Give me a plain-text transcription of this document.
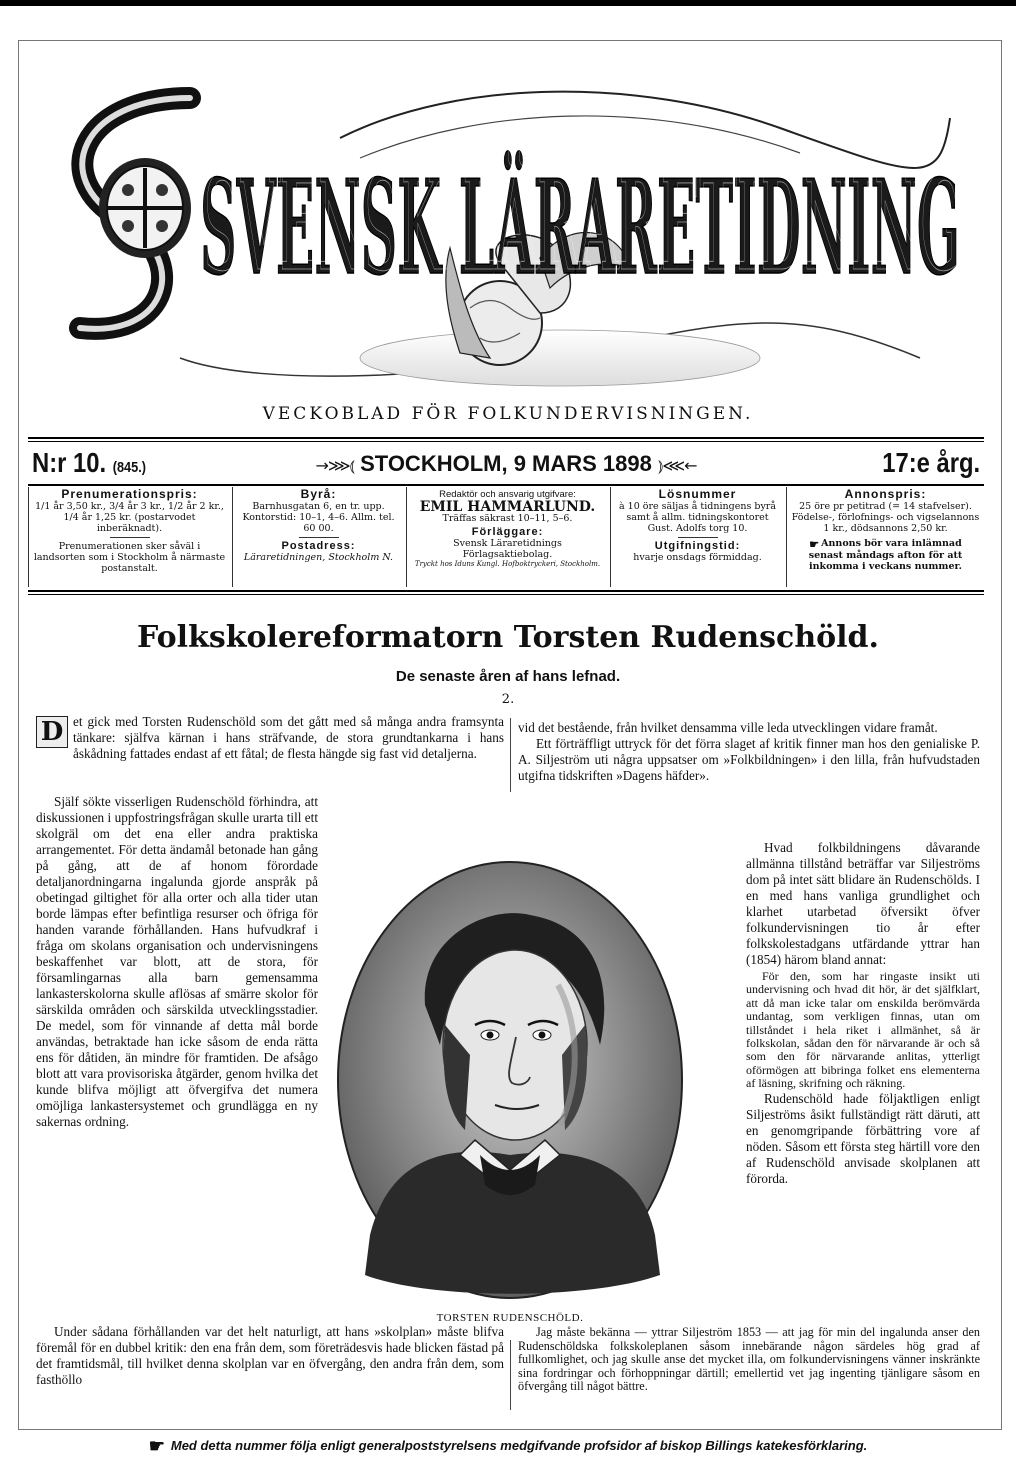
SVENSK LÄRARETIDNING
SVENSK LÄRARETIDNING
VECKOBLAD FÖR FOLKUNDERVISNINGEN.
N:r 10. (845.)	→⋙⦅ STOCKHOLM, 9 MARS 1898 ⦆⋘←	17:e årg.
Prenumerationspris:
1/1 år 3,50 kr., 3/4 år 3 kr., 1/2 år 2 kr., 1/4 år 1,25 kr. (postarvodet inberäknadt).
Prenumerationen sker såväl i landsorten som i Stockholm å närmaste postanstalt.
Byrå:
Barnhusgatan 6, en tr. upp. Kontorstid: 10–1, 4–6. Allm. tel. 60 00.
Postadress:
Läraretidningen, Stockholm N.
Redaktör och ansvarig utgifvare:
EMIL HAMMARLUND.
Träffas säkrast 10–11, 5–6.
Förläggare:
Svensk Läraretidnings Förlagsaktiebolag.
Tryckt hos Iduns Kungl. Hofboktryckeri, Stockholm.
Lösnummer
à 10 öre säljas å tidningens byrå samt å allm. tidningskontoret Gust. Adolfs torg 10.
Utgifningstid:
hvarje onsdags förmiddag.
Annonspris:
25 öre pr petitrad (= 14 stafvelser). Födelse-, förlofnings- och vigselannons 1 kr., dödsannons 2,50 kr.
☛ Annons bör vara inlämnad senast måndags afton för att inkomma i veckans nummer.
Folkskolereformatorn Torsten Rudenschöld.
De senaste åren af hans lefnad.
2.

D et gick med Torsten Rudenschöld som det gått med så många andra framsynta tänkare: själfva kärnan i hans sträfvande, de stora grundtankarna i hans åskådning fattades endast af ett fåtal; de flesta hängde sig fast vid detaljerna.

Själf sökte visserligen Rudenschöld förhindra, att diskussionen i uppfostringsfrågan skulle urarta till ett skolgräl om det ena eller andra praktiska arrangementet. För detta ändamål betonade han gång på gång, att de af honom förordade detaljanordningarna ingalunda gjorde anspråk på obetingad giltighet för alla orter och alla tider utan borde lämpas efter befintliga resurser och öfriga för handen varande förhållanden. Hans hufvudkraf i fråga om skolans organisation och undervisningens beskaffenhet var blott, att de stora, för församlingarnas alla barn gemensamma lankasterskolorna skulle aflösas af smärre skolor för särskilda områden och särskilda utvecklingsstadier. De medel, som för vinnande af detta mål borde användas, betraktade han icke såsom de enda rätta ens för dåtiden, än mindre för framtiden. De afsågo blott att vara provisoriska åtgärder, genom hvilka det kunde blifva möjligt att öfvergifva det numera omöjliga lankastersystemet och grundlägga en ny sakernas ordning.

Under sådana förhållanden var det helt naturligt, att hans »skolplan» måste blifva föremål för en dubbel kritik: den ena från dem, som företrädesvis hade blicken fästad på det framtidsmål, till hvilket denna skolplan var en öfvergång, den andra från dem, som fasthöllo

vid det bestående, från hvilket densamma ville leda utvecklingen vidare framåt.

Ett förträffligt uttryck för det förra slaget af kritik finner man hos den genialiske P. A. Siljeström uti några uppsatser om »Folkbildningen» i den lilla, från hufvudstaden utgifna tidskriften »Dagens häfder».

Hvad folkbildningens dåvarande allmänna tillstånd beträffar var Siljeströms dom på intet sätt blidare än Rudenschölds. I en med hans vanliga grundlighet och klarhet utarbetad öfversikt öfver folkundervisningen tio år efter folkskolestadgans utfärdande yttrar han (1854) härom bland annat:

För den, som har ringaste insikt uti undervisning och hvad dit hör, är det själfklart, att då man icke talar om enskilda berömvärda undantag, som verkligen finnas, utan om tillståndet i hela riket i allmänhet, så är folkskolan, sådan den för närvarande är och så som den för närvarande anlitas, ytterligt oförmögen att bibringa folket ens elementerna af läsning, skrifning och räkning.

Rudenschöld hade följaktligen enligt Siljeströms åsikt fullständigt rätt däruti, att en genomgripande förbättring vore af nöden. Såsom ett första steg härtill vore den af Rudenschöld anvisade skolplanen att förorda.

Jag måste bekänna — yttrar Siljeström 1853 — att jag för min del ingalunda anser den Rudenschöldska folkskoleplanen såsom innebärande någon särdeles hög grad af fullkomlighet, och jag skulle anse det mycket illa, om folkundervisningens vänner inskränkte sina fordringar och förhoppningar därtill; emellertid vet jag ingenting tjänligare såsom en öfvergång till något bättre.

TORSTEN RUDENSCHÖLD.
☛ Med detta nummer följa enligt generalpoststyrelsens medgifvande profsidor af biskop Billings katekesförklaring.
